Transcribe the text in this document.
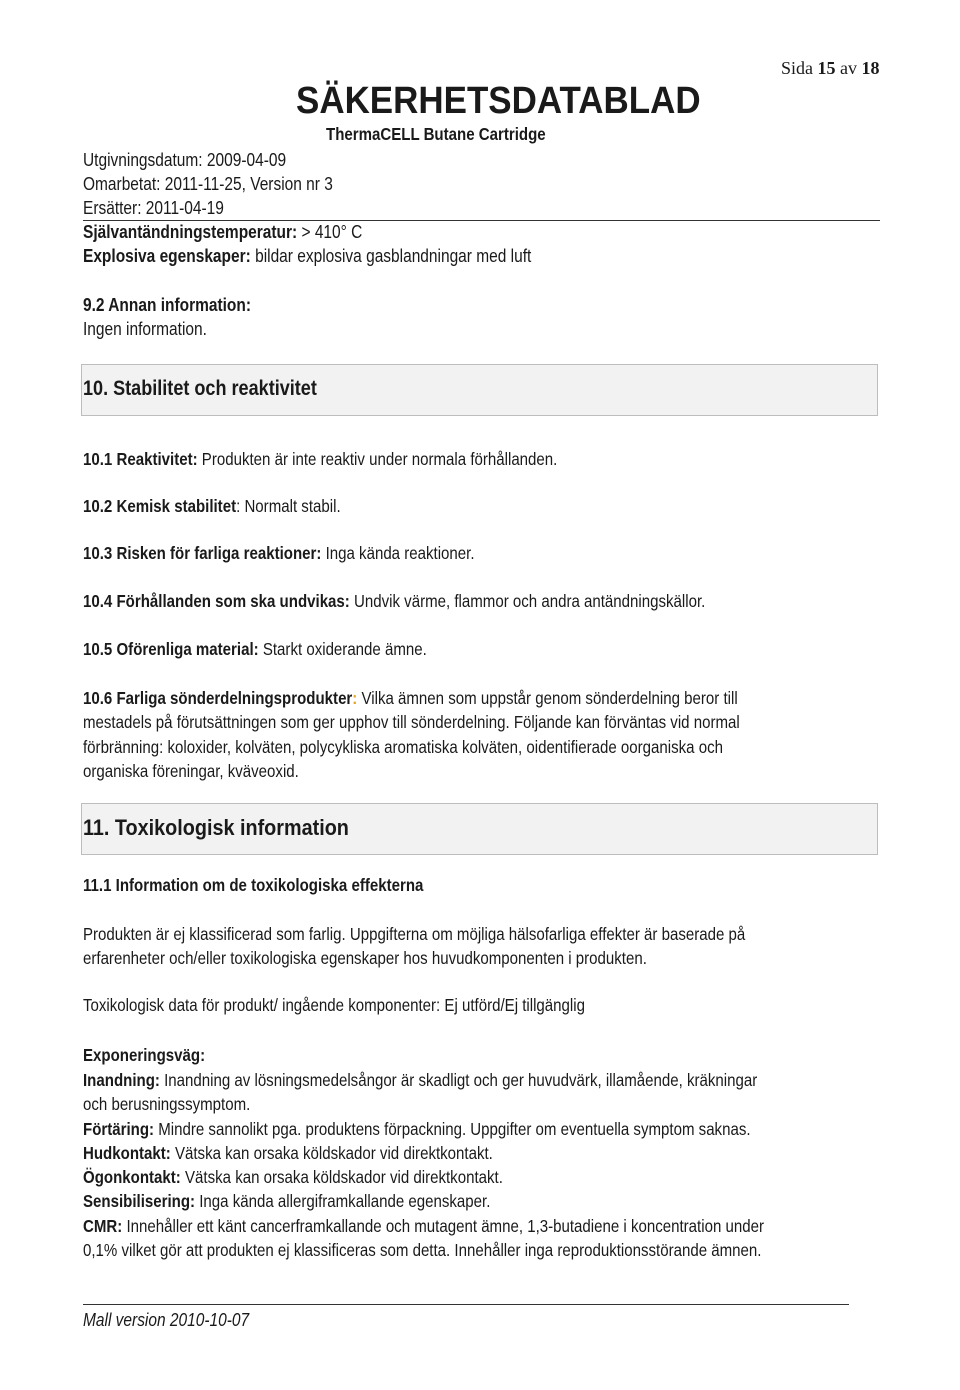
Sida 15 av 18
SÄKERHETSDATABLAD
ThermaCELL Butane Cartridge
Utgivningsdatum: 2009-04-09
Omarbetat: 2011-11-25, Version nr 3
Ersätter: 2011-04-19
Självantändningstemperatur: > 410° C
Explosiva egenskaper: bildar explosiva gasblandningar med luft
9.2 Annan information:
Ingen information.
10. Stabilitet och reaktivitet
10.1 Reaktivitet: Produkten är inte reaktiv under normala förhållanden.
10.2 Kemisk stabilitet: Normalt stabil.
10.3 Risken för farliga reaktioner: Inga kända reaktioner.
10.4 Förhållanden som ska undvikas: Undvik värme, flammor och andra antändningskällor.
10.5 Oförenliga material: Starkt oxiderande ämne.
10.6 Farliga sönderdelningsprodukter: Vilka ämnen som uppstår genom sönderdelning beror till
mestadels på förutsättningen som ger upphov till sönderdelning. Följande kan förväntas vid normal
förbränning: koloxider, kolväten, polycykliska aromatiska kolväten, oidentifierade oorganiska och
organiska föreningar, kväveoxid.
11. Toxikologisk information
11.1 Information om de toxikologiska effekterna
Produkten är ej klassificerad som farlig. Uppgifterna om möjliga hälsofarliga effekter är baserade på
erfarenheter och/eller toxikologiska egenskaper hos huvudkomponenten i produkten.
Toxikologisk data för produkt/ ingående komponenter: Ej utförd/Ej tillgänglig
Exponeringsväg:
Inandning: Inandning av lösningsmedelsångor är skadligt och ger huvudvärk, illamående, kräkningar
och berusningssymptom.
Förtäring: Mindre sannolikt pga. produktens förpackning. Uppgifter om eventuella symptom saknas.
Hudkontakt: Vätska kan orsaka köldskador vid direktkontakt.
Ögonkontakt: Vätska kan orsaka köldskador vid direktkontakt.
Sensibilisering: Inga kända allergiframkallande egenskaper.
CMR: Innehåller ett känt cancerframkallande och mutagent ämne, 1,3-butadiene i koncentration under
0,1% vilket gör att produkten ej klassificeras som detta. Innehåller inga reproduktionsstörande ämnen.
Mall version 2010-10-07
